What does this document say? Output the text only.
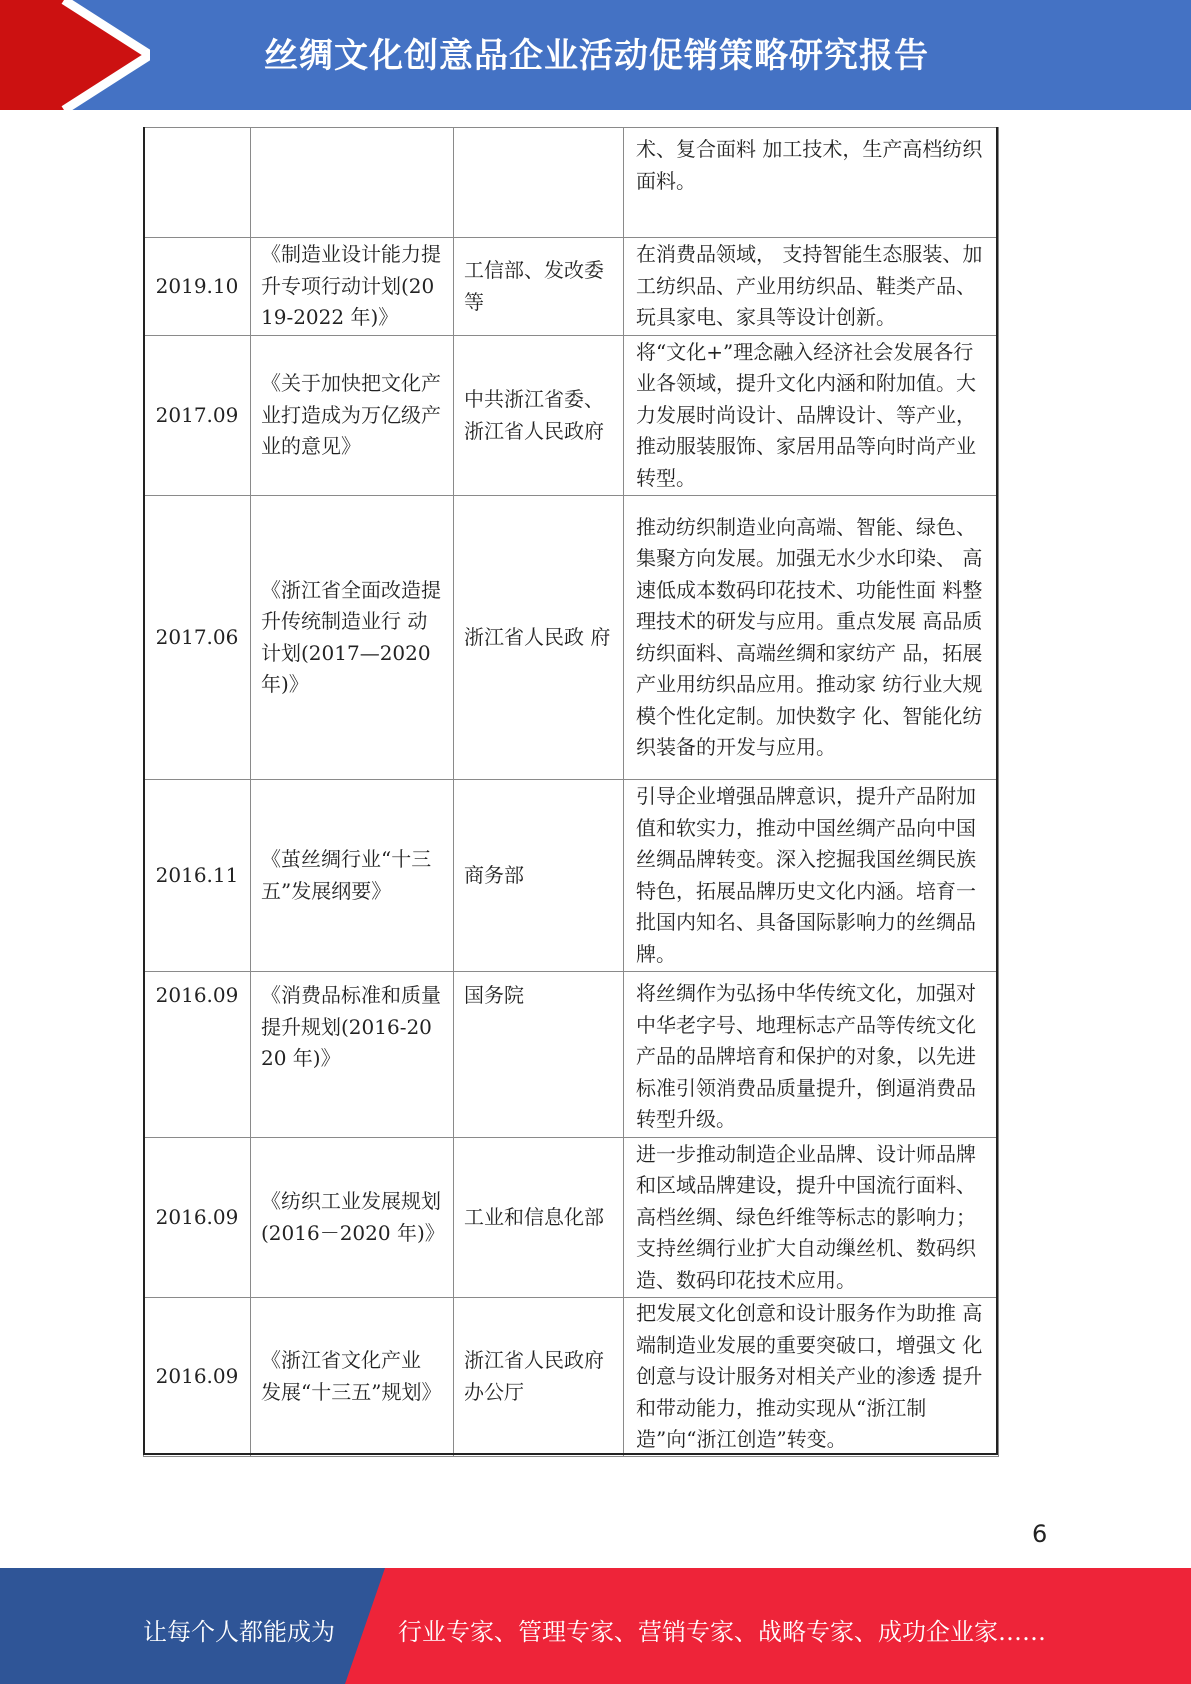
丝绸文化创意品企业活动促销策略研究报告
			术、复合面料 加工技术，生产高档纺织面料。
2019.10	《制造业设计能力提升专项行动计划(2019-2022 年)》	工信部、发改委等	在消费品领域， 支持智能生态服装、加工纺织品、产业用纺织品、鞋类产品、玩具家电、家具等设计创新。
2017.09	《关于加快把文化产业打造成为万亿级产业的意见》	中共浙江省委、浙江省人民政府	将“文化+”理念融入经济社会发展各行 业各领域，提升文化内涵和附加值。大 力发展时尚设计、品牌设计、等产业， 推动服装服饰、家居用品等向时尚产业 转型。
2017.06	《浙江省全面改造提升传统制造业行 动计划(2017—2020 年)》	浙江省人民政 府	推动纺织制造业向高端、智能、绿色、 集聚方向发展。加强无水少水印染、 高速低成本数码印花技术、功能性面 料整理技术的研发与应用。重点发展 高品质纺织面料、高端丝绸和家纺产 品，拓展产业用纺织品应用。推动家 纺行业大规模个性化定制。加快数字 化、智能化纺织装备的开发与应用。
2016.11	《茧丝绸行业“十三五”发展纲要》	商务部	引导企业增强品牌意识，提升产品附加值和软实力，推动中国丝绸产品向中国丝绸品牌转变。深入挖掘我国丝绸民族特色，拓展品牌历史文化内涵。培育一批国内知名、具备国际影响力的丝绸品牌。
2016.09	《消费品标准和质量提升规划(2016-2020 年)》	国务院	将丝绸作为弘扬中华传统文化，加强对中华老字号、地理标志产品等传统文化产品的品牌培育和保护的对象，以先进标准引领消费品质量提升，倒逼消费品转型升级。
2016.09	《纺织工业发展规划(2016－2020 年)》	工业和信息化部	进一步推动制造企业品牌、设计师品牌和区域品牌建设，提升中国流行面料、高档丝绸、绿色纤维等标志的影响力；支持丝绸行业扩大自动缫丝机、数码织造、数码印花技术应用。
2016.09	《浙江省文化产业 发展“十三五”规划》	浙江省人民政府 办公厅	把发展文化创意和设计服务作为助推 高端制造业发展的重要突破口，增强文 化创意与设计服务对相关产业的渗透 提升和带动能力，推动实现从“浙江制 造”向“浙江创造”转变。
6
让每个人都能成为	行业专家、管理专家、营销专家、战略专家、成功企业家……
